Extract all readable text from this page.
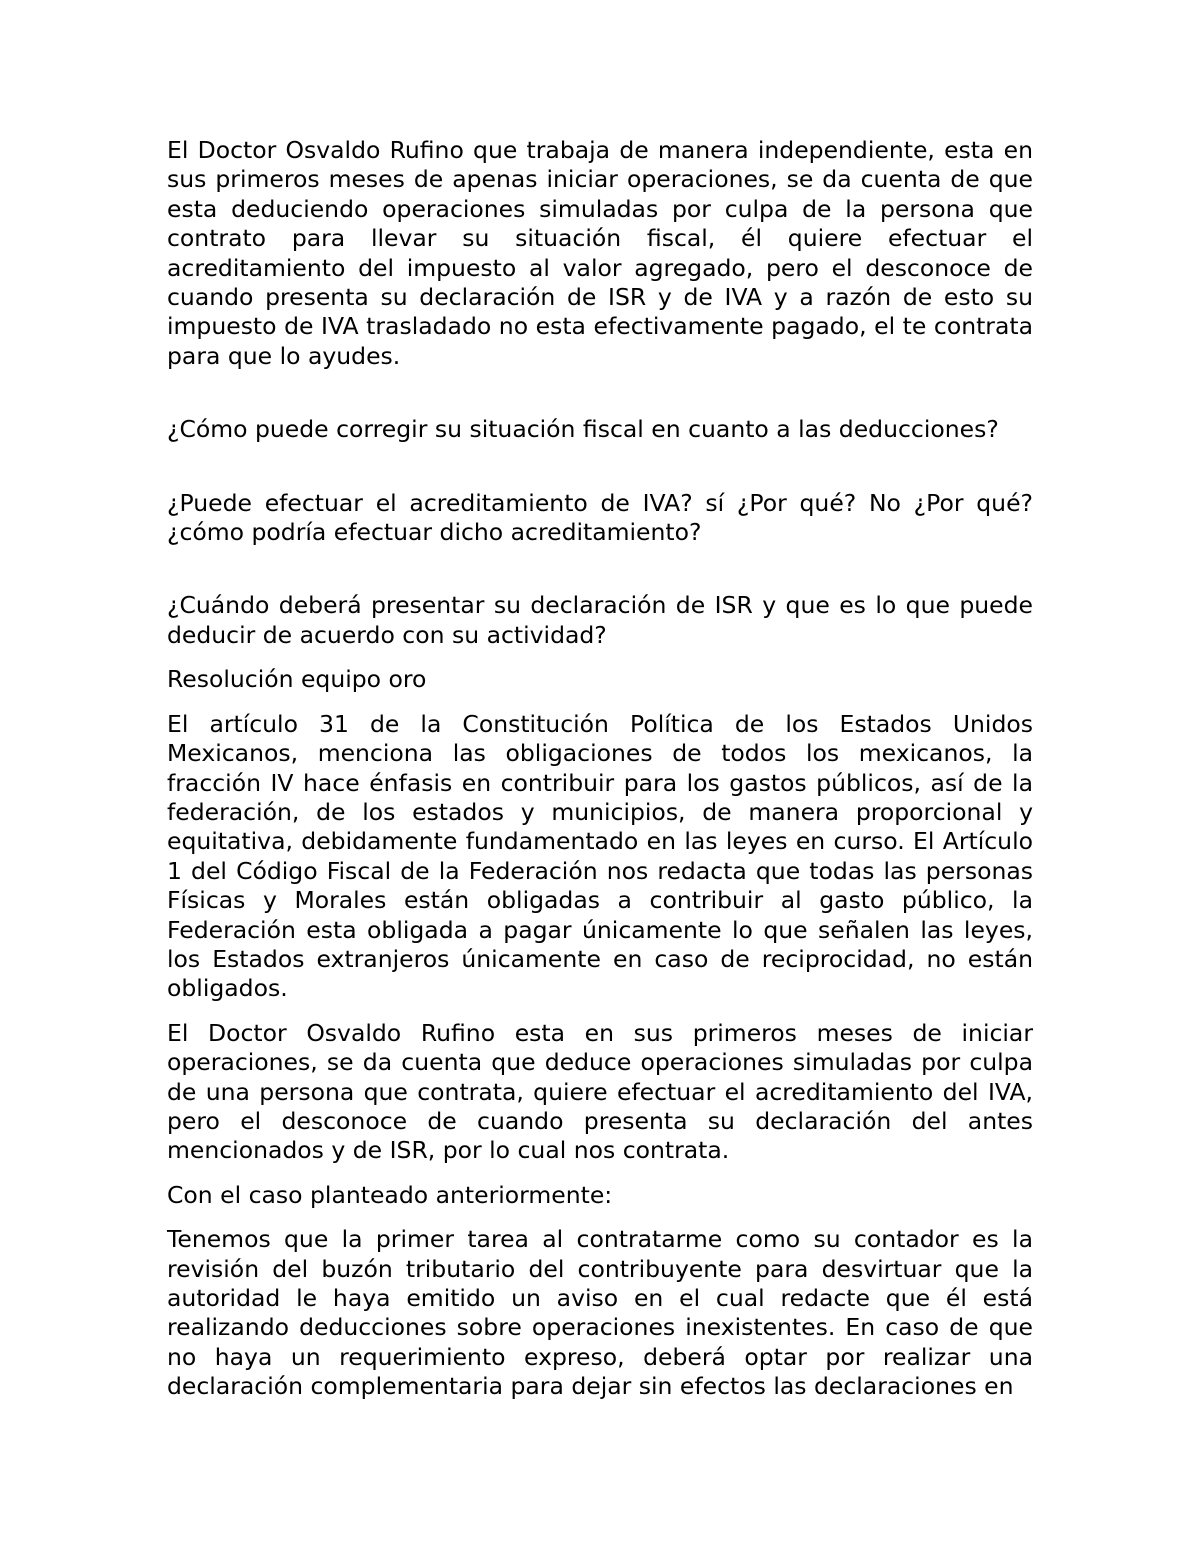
El Doctor Osvaldo Rufino que trabaja de manera independiente, esta en sus primeros meses de apenas iniciar operaciones, se da cuenta de que esta deduciendo operaciones simuladas por culpa de la persona que contrato para llevar su situación fiscal, él quiere efectuar el acreditamiento del impuesto al valor agregado, pero el desconoce de cuando presenta su declaración de ISR y de IVA y a razón de esto su impuesto de IVA trasladado no esta efectivamente pagado, el te contrata para que lo ayudes.

¿Cómo puede corregir su situación fiscal en cuanto a las deducciones?

¿Puede efectuar el acreditamiento de IVA? sí ¿Por qué? No ¿Por qué? ¿cómo podría efectuar dicho acreditamiento?

¿Cuándo deberá presentar su declaración de ISR y que es lo que puede deducir de acuerdo con su actividad?

Resolución equipo oro

El artículo 31 de la Constitución Política de los Estados Unidos Mexicanos, menciona las obligaciones de todos los mexicanos, la fracción IV hace énfasis en contribuir para los gastos públicos, así de la federación, de los estados y municipios, de manera proporcional y equitativa, debidamente fundamentado en las leyes en curso. El Artículo 1 del Código Fiscal de la Federación nos redacta que todas las personas Físicas y Morales están obligadas a contribuir al gasto público, la Federación esta obligada a pagar únicamente lo que señalen las leyes, los Estados extranjeros únicamente en caso de reciprocidad, no están obligados.

El Doctor Osvaldo Rufino esta en sus primeros meses de iniciar operaciones, se da cuenta que deduce operaciones simuladas por culpa de una persona que contrata, quiere efectuar el acreditamiento del IVA, pero el desconoce de cuando presenta su declaración del antes mencionados y de ISR, por lo cual nos contrata.

Con el caso planteado anteriormente:

Tenemos que la primer tarea al contratarme como su contador es la revisión del buzón tributario del contribuyente para desvirtuar que la autoridad le haya emitido un aviso en el cual redacte que él está realizando deducciones sobre operaciones inexistentes. En caso de que no haya un requerimiento expreso, deberá optar por realizar una declaración complementaria para dejar sin efectos las declaraciones en
